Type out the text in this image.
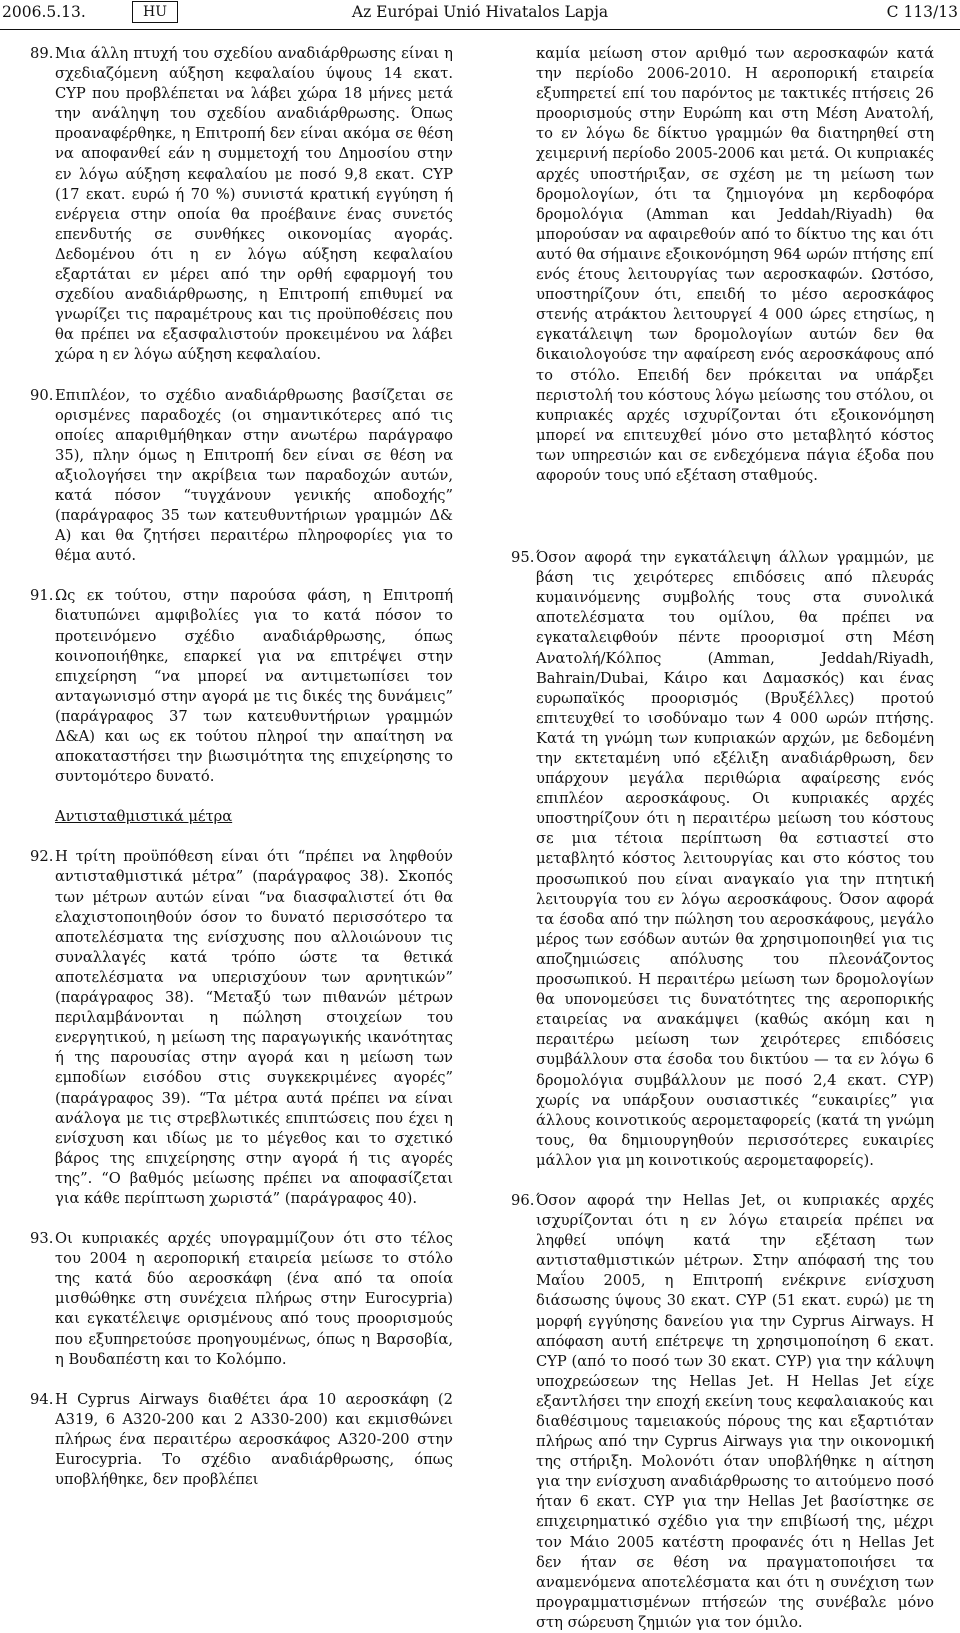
2006.5.13.	HU	Az Európai Unió Hivatalos Lapja	C 113/13
89. Μια άλλη πτυχή του σχεδίου αναδιάρθρωσης είναι η σχεδιαζόμενη αύξηση κεφαλαίου ύψους 14 εκατ. CYP που προβλέπεται να λάβει χώρα 18 μήνες μετά την ανάληψη του σχεδίου αναδιάρθρωσης. Όπως προαναφέρθηκε, η Επιτροπή δεν είναι ακόμα σε θέση να αποφανθεί εάν η συμμετοχή του Δημοσίου στην εν λόγω αύξηση κεφαλαίου με ποσό 9,8 εκατ. CYP (17 εκατ. ευρώ ή 70 %) συνιστά κρατική εγγύηση ή ενέργεια στην οποία θα προέβαινε ένας συνετός επενδυτής σε συνθήκες οικονομίας αγοράς. Δεδομένου ότι η εν λόγω αύξηση κεφαλαίου εξαρτάται εν μέρει από την ορθή εφαρμογή του σχεδίου αναδιάρθρωσης, η Επιτροπή επιθυμεί να γνωρίζει τις παραμέτρους και τις προϋποθέσεις που θα πρέπει να εξασφαλιστούν προκειμένου να λάβει χώρα η εν λόγω αύξηση κεφαλαίου.
90. Επιπλέον, το σχέδιο αναδιάρθρωσης βασίζεται σε ορισμένες παραδοχές (οι σημαντικότερες από τις οποίες απαριθμήθηκαν στην ανωτέρω παράγραφο 35), πλην όμως η Επιτροπή δεν είναι σε θέση να αξιολογήσει την ακρίβεια των παραδοχών αυτών, κατά πόσον “τυγχάνουν γενικής αποδοχής” (παράγραφος 35 των κατευθυντήριων γραμμών Δ& Α) και θα ζητήσει περαιτέρω πληροφορίες για το θέμα αυτό.
91. Ως εκ τούτου, στην παρούσα φάση, η Επιτροπή διατυπώνει αμφιβολίες για το κατά πόσον το προτεινόμενο σχέδιο αναδιάρθρωσης, όπως κοινοποιήθηκε, επαρκεί για να επιτρέψει στην επιχείρηση “να μπορεί να αντιμετωπίσει τον ανταγωνισμό στην αγορά με τις δικές της δυνάμεις” (παράγραφος 37 των κατευθυντήριων γραμμών Δ&Α) και ως εκ τούτου πληροί την απαίτηση να αποκαταστήσει την βιωσιμότητα της επιχείρησης το συντομότερο δυνατό.
Αντισταθμιστικά μέτρα
92. Η τρίτη προϋπόθεση είναι ότι “πρέπει να ληφθούν αντισταθμιστικά μέτρα” (παράγραφος 38). Σκοπός των μέτρων αυτών είναι “να διασφαλιστεί ότι θα ελαχιστοποιηθούν όσον το δυνατό περισσότερο τα αποτελέσματα της ενίσχυσης που αλλοιώνουν τις συναλλαγές κατά τρόπο ώστε τα θετικά αποτελέσματα να υπερισχύουν των αρνητικών” (παράγραφος 38). “Μεταξύ των πιθανών μέτρων περιλαμβάνονται η πώληση στοιχείων του ενεργητικού, η μείωση της παραγωγικής ικανότητας ή της παρουσίας στην αγορά και η μείωση των εμποδίων εισόδου στις συγκεκριμένες αγορές” (παράγραφος 39). “Τα μέτρα αυτά πρέπει να είναι ανάλογα με τις στρεβλωτικές επιπτώσεις που έχει η ενίσχυση και ιδίως με το μέγεθος και το σχετικό βάρος της επιχείρησης στην αγορά ή τις αγορές της”. “Ο βαθμός μείωσης πρέπει να αποφασίζεται για κάθε περίπτωση χωριστά” (παράγραφος 40).
93. Οι κυπριακές αρχές υπογραμμίζουν ότι στο τέλος του 2004 η αεροπορική εταιρεία μείωσε το στόλο της κατά δύο αεροσκάφη (ένα από τα οποία μισθώθηκε στη συνέχεια πλήρως στην Eurocypria) και εγκατέλειψε ορισμένους από τους προορισμούς που εξυπηρετούσε προηγουμένως, όπως η Βαρσοβία, η Βουδαπέστη και το Κολόμπο.
94. Η Cyprus Airways διαθέτει άρα 10 αεροσκάφη (2 A319, 6 A320-200 και 2 A330-200) και εκμισθώνει πλήρως ένα περαιτέρω αεροσκάφος A320-200 στην Eurocypria. Το σχέδιο αναδιάρθρωσης, όπως υποβλήθηκε, δεν προβλέπει
καμία μείωση στον αριθμό των αεροσκαφών κατά την περίοδο 2006-2010. Η αεροπορική εταιρεία εξυπηρετεί επί του παρόντος με τακτικές πτήσεις 26 προορισμούς στην Ευρώπη και στη Μέση Ανατολή, το εν λόγω δε δίκτυο γραμμών θα διατηρηθεί στη χειμερινή περίοδο 2005-2006 και μετά. Οι κυπριακές αρχές υποστήριξαν, σε σχέση με τη μείωση των δρομολογίων, ότι τα ζημιογόνα μη κερδοφόρα δρομολόγια (Amman και Jeddah/Riyadh) θα μπορούσαν να αφαιρεθούν από το δίκτυο της και ότι αυτό θα σήμαινε εξοικονόμηση 964 ωρών πτήσης επί ενός έτους λειτουργίας των αεροσκαφών. Ωστόσο, υποστηρίζουν ότι, επειδή το μέσο αεροσκάφος στενής ατράκτου λειτουργεί 4 000 ώρες ετησίως, η εγκατάλειψη των δρομολογίων αυτών δεν θα δικαιολογούσε την αφαίρεση ενός αεροσκάφους από το στόλο. Επειδή δεν πρόκειται να υπάρξει περιστολή του κόστους λόγω μείωσης του στόλου, οι κυπριακές αρχές ισχυρίζονται ότι εξοικονόμηση μπορεί να επιτευχθεί μόνο στο μεταβλητό κόστος των υπηρεσιών και σε ενδεχόμενα πάγια έξοδα που αφορούν τους υπό εξέταση σταθμούς.
95. Όσον αφορά την εγκατάλειψη άλλων γραμμών, με βάση τις χειρότερες επιδόσεις από πλευράς κυμαινόμενης συμβολής τους στα συνολικά αποτελέσματα του ομίλου, θα πρέπει να εγκαταλειφθούν πέντε προορισμοί στη Μέση Ανατολή/Κόλπος (Amman, Jeddah/Riyadh, Bahrain/Dubai, Κάιρο και Δαμασκός) και ένας ευρωπαϊκός προορισμός (Βρυξέλλες) προτού επιτευχθεί το ισοδύναμο των 4 000 ωρών πτήσης. Κατά τη γνώμη των κυπριακών αρχών, με δεδομένη την εκτεταμένη υπό εξέλιξη αναδιάρθρωση, δεν υπάρχουν μεγάλα περιθώρια αφαίρεσης ενός επιπλέον αεροσκάφους. Οι κυπριακές αρχές υποστηρίζουν ότι η περαιτέρω μείωση του κόστους σε μια τέτοια περίπτωση θα εστιαστεί στο μεταβλητό κόστος λειτουργίας και στο κόστος του προσωπικού που είναι αναγκαίο για την πτητική λειτουργία του εν λόγω αεροσκάφους. Όσον αφορά τα έσοδα από την πώληση του αεροσκάφους, μεγάλο μέρος των εσόδων αυτών θα χρησιμοποιηθεί για τις αποζημιώσεις απόλυσης του πλεονάζοντος προσωπικού. Η περαιτέρω μείωση των δρομολογίων θα υπονομεύσει τις δυνατότητες της αεροπορικής εταιρείας να ανακάμψει (καθώς ακόμη και η περαιτέρω μείωση των χειρότερες επιδόσεις συμβάλλουν στα έσοδα του δικτύου — τα εν λόγω 6 δρομολόγια συμβάλλουν με ποσό 2,4 εκατ. CYP) χωρίς να υπάρξουν ουσιαστικές “ευκαιρίες” για άλλους κοινοτικούς αερομεταφορείς (κατά τη γνώμη τους, θα δημιουργηθούν περισσότερες ευκαιρίες μάλλον για μη κοινοτικούς αερομεταφορείς).
96. Όσον αφορά την Hellas Jet, οι κυπριακές αρχές ισχυρίζονται ότι η εν λόγω εταιρεία πρέπει να ληφθεί υπόψη κατά την εξέταση των αντισταθμιστικών μέτρων. Στην απόφασή της του Μαΐου 2005, η Επιτροπή ενέκρινε ενίσχυση διάσωσης ύψους 30 εκατ. CYP (51 εκατ. ευρώ) με τη μορφή εγγύησης δανείου για την Cyprus Airways. Η απόφαση αυτή επέτρεψε τη χρησιμοποίηση 6 εκατ. CYP (από το ποσό των 30 εκατ. CYP) για την κάλυψη υποχρεώσεων της Hellas Jet. Η Hellas Jet είχε εξαντλήσει την εποχή εκείνη τους κεφαλαιακούς και διαθέσιμους ταμειακούς πόρους της και εξαρτιόταν πλήρως από την Cyprus Airways για την οικονομική της στήριξη. Μολονότι όταν υποβλήθηκε η αίτηση για την ενίσχυση αναδιάρθρωσης το αιτούμενο ποσό ήταν 6 εκατ. CYP για την Hellas Jet βασίστηκε σε επιχειρηματικό σχέδιο για την επιβίωσή της, μέχρι τον Μάιο 2005 κατέστη προφανές ότι η Hellas Jet δεν ήταν σε θέση να πραγματοποιήσει τα αναμενόμενα αποτελέσματα και ότι η συνέχιση των προγραμματισμένων πτήσεών της συνέβαλε μόνο στη σώρευση ζημιών για τον όμιλο.
